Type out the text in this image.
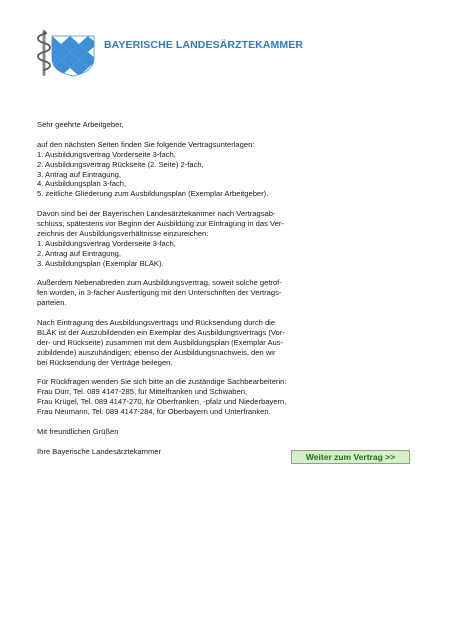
BAYERISCHE LANDESÄRZTEKAMMER

Sehr geehrte Arbeitgeber,

auf den nächsten Seiten finden Sie folgende Vertragsunterlagen:
1. Ausbildungsvertrag Vorderseite 3-fach,
2. Ausbildungsvertrag Rückseite (2. Seite) 2-fach,
3. Antrag auf Eintragung,
4. Ausbildungsplan 3-fach,
5. zeitliche Gliederung zum Ausbildungsplan (Exemplar Arbeitgeber).

Davon sind bei der Bayerischen Landesärztekammer nach Vertragsab-
schluss, spätestens vor Beginn der Ausbildung zur Eintragung in das Ver-
zeichnis der Ausbildungsverhältnisse einzureichen:
1. Ausbildungsvertrag Vorderseite 3-fach,
2. Antrag auf Eintragung,
3. Ausbildungsplan (Exemplar BLÄK).

Außerdem Nebenabreden zum Ausbildungsvertrag, soweit solche getrof-
fen wurden, in 3-facher Ausfertigung mit den Unterschriften der Vertrags-
parteien.

Nach Eintragung des Ausbildungsvertrags und Rücksendung durch die
BLÄK ist der Auszubildenden ein Exemplar des Ausbildungsvertrags (Vor-
der- und Rückseite) zusammen mit dem Ausbildungsplan (Exemplar Aus-
zubildende) auszuhändigen; ebenso der Ausbildungsnachweis, den wir
bei Rücksendung der Verträge beilegen.

Für Rückfragen wenden Sie sich bitte an die zuständige Sachbearbeiterin:
Frau Dürr, Tel. 089 4147-285, für Mittelfranken und Schwaben,
Frau Krügel, Tel. 089 4147-270, für Oberfranken, -pfalz und Niederbayern,
Frau Neumann, Tel. 089 4147-284, für Oberbayern und Unterfranken.

Mit freundlichen Grüßen

Ihre Bayerische Landesärztekammer

Weiter zum Vertrag >>
